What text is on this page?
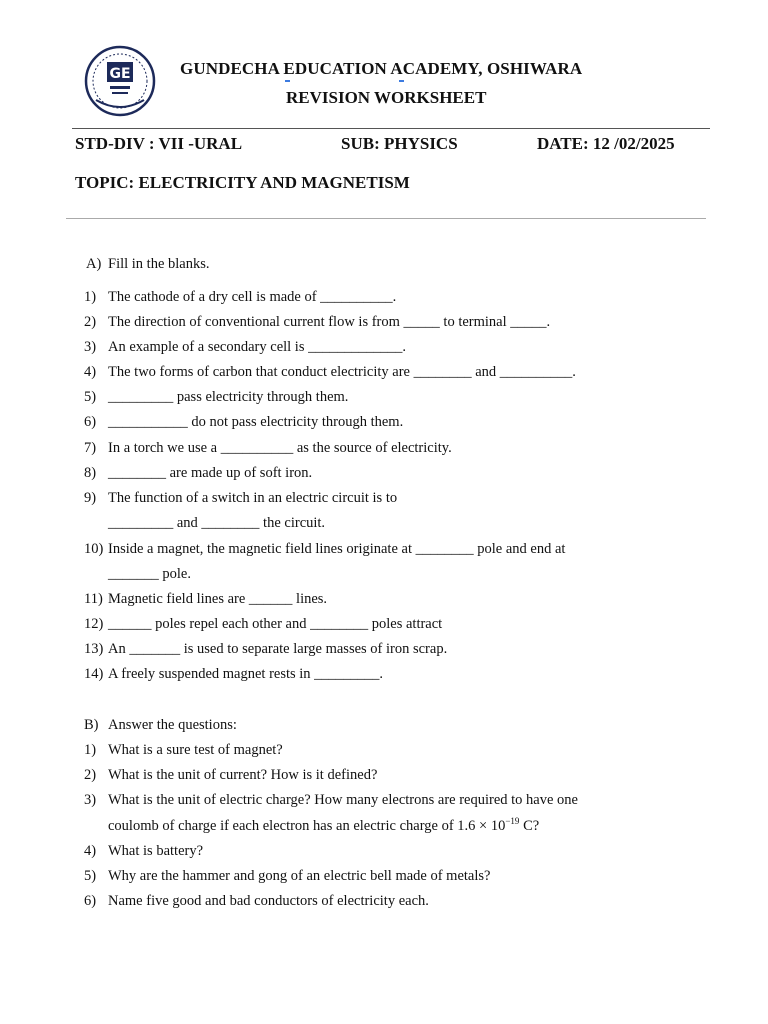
GE	GUNDECHA EDUCATION ACADEMY, OSHIWARA
REVISION WORKSHEET
STD-DIV : VII -URAL	SUB: PHYSICS	DATE: 12 /02/2025
TOPIC: ELECTRICITY AND MAGNETISM
A) Fill in the blanks.
1) The cathode of a dry cell is made of __________.
2) The direction of conventional current flow is from _____ to terminal _____.
3) An example of a secondary cell is _____________.
4) The two forms of carbon that conduct electricity are ________ and __________.
5) _________ pass electricity through them.
6) ___________ do not pass electricity through them.
7) In a torch we use a __________ as the source of electricity.
8) ________ are made up of soft iron.
9) The function of a switch in an electric circuit is to
_________ and ________ the circuit.
10) Inside a magnet, the magnetic field lines originate at ________ pole and end at
_______ pole.
11) Magnetic field lines are ______ lines.
12) ______ poles repel each other and ________ poles attract
13) An _______ is used to separate large masses of iron scrap.
14) A freely suspended magnet rests in _________.
B) Answer the questions:
1) What is a sure test of magnet?
2) What is the unit of current? How is it defined?
3) What is the unit of electric charge? How many electrons are required to have one
coulomb of charge if each electron has an electric charge of $1.6 \times 10^{-19}$ C?
4) What is battery?
5) Why are the hammer and gong of an electric bell made of metals?
6) Name five good and bad conductors of electricity each.
